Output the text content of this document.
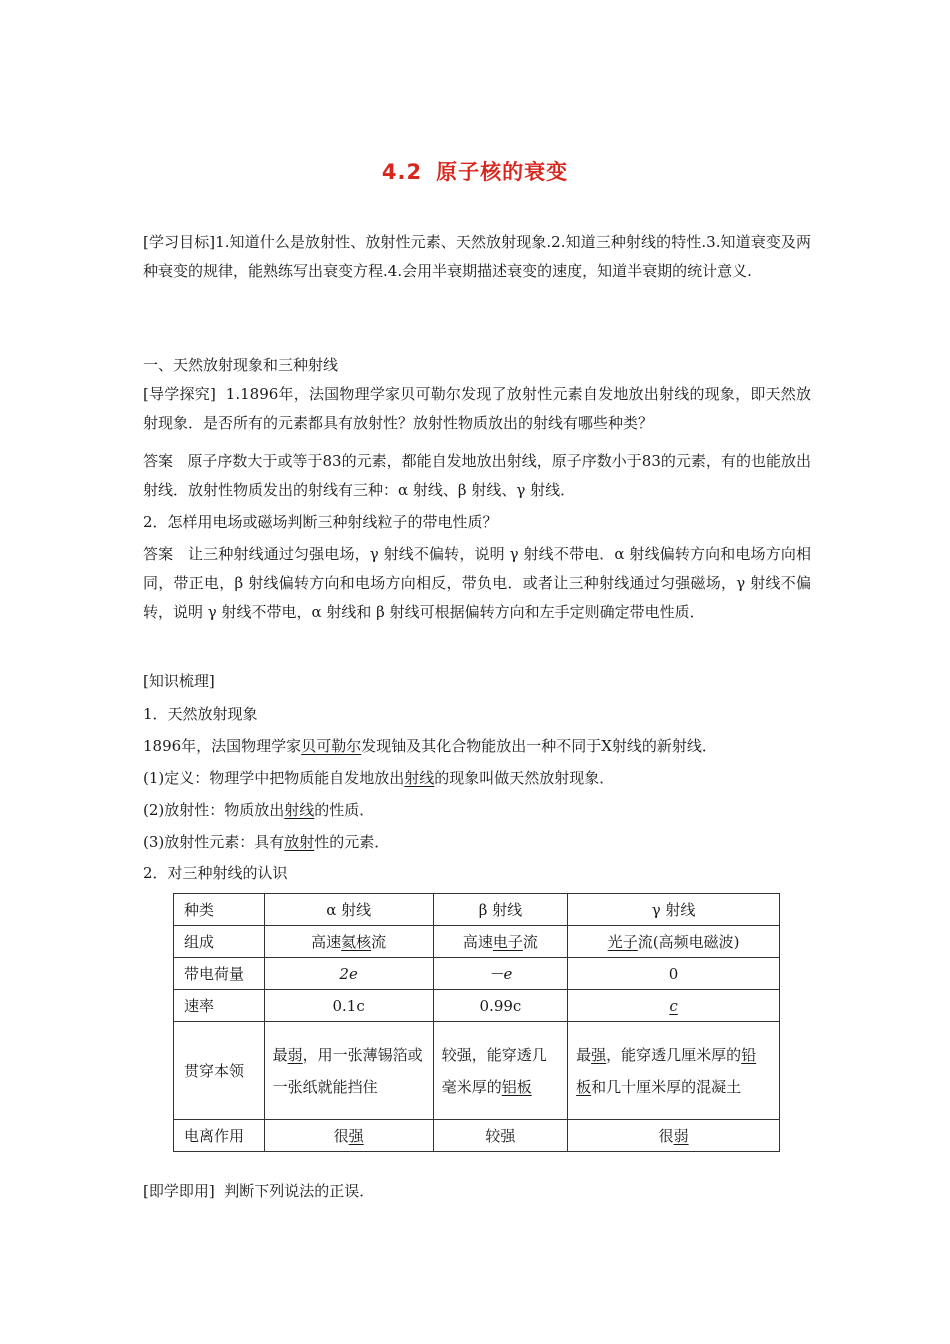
4.2 原子核的衰变
[学习目标]1.知道什么是放射性、放射性元素、天然放射现象.2.知道三种射线的特性.3.知道衰变及两种衰变的规律，能熟练写出衰变方程.4.会用半衰期描述衰变的速度，知道半衰期的统计意义.
一、天然放射现象和三种射线
[导学探究] 1.1896年，法国物理学家贝可勒尔发现了放射性元素自发地放出射线的现象，即天然放射现象．是否所有的元素都具有放射性？放射性物质放出的射线有哪些种类？
答案 原子序数大于或等于83的元素，都能自发地放出射线，原子序数小于83的元素，有的也能放出射线．放射性物质发出的射线有三种：α 射线、β 射线、γ 射线．
2．怎样用电场或磁场判断三种射线粒子的带电性质？
答案 让三种射线通过匀强电场，γ 射线不偏转，说明 γ 射线不带电．α 射线偏转方向和电场方向相同，带正电，β 射线偏转方向和电场方向相反，带负电．或者让三种射线通过匀强磁场，γ 射线不偏转，说明 γ 射线不带电，α 射线和 β 射线可根据偏转方向和左手定则确定带电性质．
[知识梳理]
1．天然放射现象
1896年，法国物理学家贝可勒尔发现铀及其化合物能放出一种不同于X射线的新射线．
(1)定义：物理学中把物质能自发地放出射线的现象叫做天然放射现象．
(2)放射性：物质放出射线的性质．
(3)放射性元素：具有放射性的元素．
2．对三种射线的认识
种类	α 射线	β 射线	γ 射线
组成	高速氦核流	高速电子流	光子流(高频电磁波)
带电荷量	2e	－e	0
速率	0.1c	0.99c	c
贯穿本领	最弱，用一张薄锡箔或一张纸就能挡住	较强，能穿透几毫米厚的铝板	最强，能穿透几厘米厚的铅板和几十厘米厚的混凝土
电离作用	很强	较强	很弱
[即学即用] 判断下列说法的正误．
